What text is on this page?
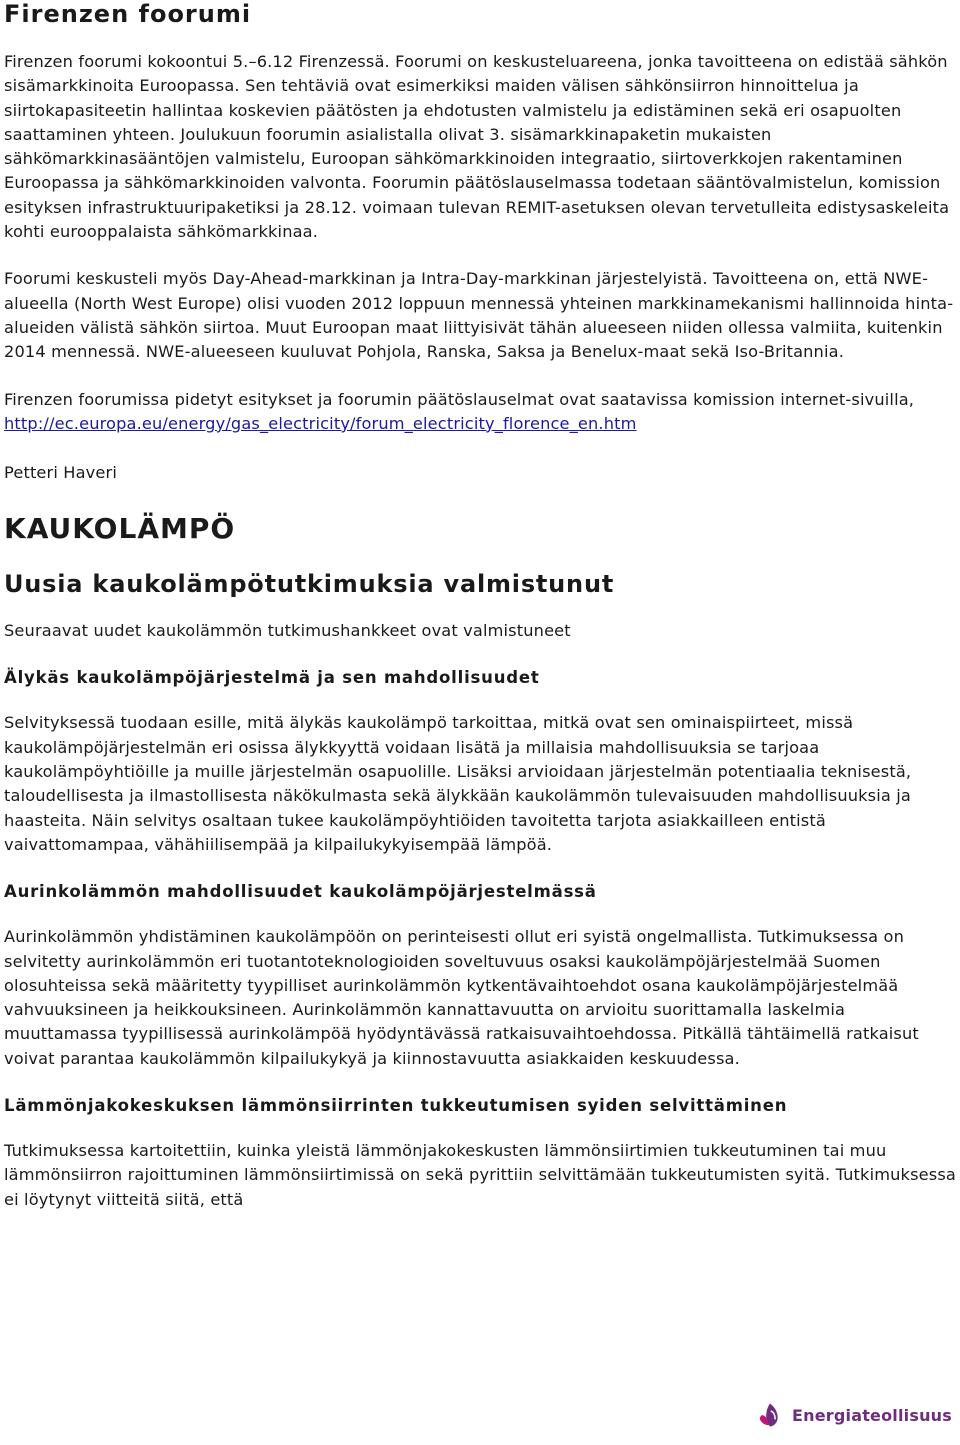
Firenzen foorumi

Firenzen foorumi kokoontui 5.–6.12 Firenzessä. Foorumi on keskusteluareena, jonka tavoitteena on edistää sähkön sisämarkkinoita Euroopassa. Sen tehtäviä ovat esimerkiksi maiden välisen sähkönsiirron hinnoittelua ja siirtokapasiteetin hallintaa koskevien päätösten ja ehdotusten valmistelu ja edistäminen sekä eri osapuolten saattaminen yhteen. Joulukuun foorumin asialistalla olivat 3. sisämarkkinapaketin mukaisten sähkömarkkinasääntöjen valmistelu, Euroopan sähkömarkkinoiden integraatio, siirtoverkkojen rakentaminen Euroopassa ja sähkömarkkinoiden valvonta. Foorumin päätöslauselmassa todetaan sääntövalmistelun, komission esityksen infrastruktuuripaketiksi ja 28.12. voimaan tulevan REMIT-asetuksen olevan tervetulleita edistysaskeleita kohti eurooppalaista sähkömarkkinaa.

Foorumi keskusteli myös Day-Ahead-markkinan ja Intra-Day-markkinan järjestelyistä. Tavoitteena on, että NWE-alueella (North West Europe) olisi vuoden 2012 loppuun mennessä yhteinen markkinamekanismi hallinnoida hinta-alueiden välistä sähkön siirtoa. Muut Euroopan maat liittyisivät tähän alueeseen niiden ollessa valmiita, kuitenkin 2014 mennessä. NWE-alueeseen kuuluvat Pohjola, Ranska, Saksa ja Benelux-maat sekä Iso-Britannia.

Firenzen foorumissa pidetyt esitykset ja foorumin päätöslauselmat ovat saatavissa komission internet-sivuilla, http://ec.europa.eu/energy/gas_electricity/forum_electricity_florence_en.htm

Petteri Haveri

KAUKOLÄMPÖ
Uusia kaukolämpötutkimuksia valmistunut

Seuraavat uudet kaukolämmön tutkimushankkeet ovat valmistuneet

Älykäs kaukolämpöjärjestelmä ja sen mahdollisuudet

Selvityksessä tuodaan esille, mitä älykäs kaukolämpö tarkoittaa, mitkä ovat sen ominaispiirteet, missä kaukolämpöjärjestelmän eri osissa älykkyyttä voidaan lisätä ja millaisia mahdollisuuksia se tarjoaa kaukolämpöyhtiöille ja muille järjestelmän osapuolille. Lisäksi arvioidaan järjestelmän potentiaalia teknisestä, taloudellisesta ja ilmastollisesta näkökulmasta sekä älykkään kaukolämmön tulevaisuuden mahdollisuuksia ja haasteita. Näin selvitys osaltaan tukee kaukolämpöyhtiöiden tavoitetta tarjota asiakkailleen entistä vaivattomampaa, vähähiilisempää ja kilpailukykyisempää lämpöä.

Aurinkolämmön mahdollisuudet kaukolämpöjärjestelmässä

Aurinkolämmön yhdistäminen kaukolämpöön on perinteisesti ollut eri syistä ongelmallista. Tutkimuksessa on selvitetty aurinkolämmön eri tuotantoteknologioiden soveltuvuus osaksi kaukolämpöjärjestelmää Suomen olosuhteissa sekä määritetty tyypilliset aurinkolämmön kytkentävaihtoehdot osana kaukolämpöjärjestelmää vahvuuksineen ja heikkouksineen. Aurinkolämmön kannattavuutta on arvioitu suorittamalla laskelmia muuttamassa tyypillisessä aurinkolämpöä hyödyntävässä ratkaisuvaihtoehdossa. Pitkällä tähtäimellä ratkaisut voivat parantaa kaukolämmön kilpailukykyä ja kiinnostavuutta asiakkaiden keskuudessa.

Lämmönjakokeskuksen lämmönsiirrinten tukkeutumisen syiden selvittäminen

Tutkimuksessa kartoitettiin, kuinka yleistä lämmönjakokeskusten lämmönsiirtimien tukkeutuminen tai muu lämmönsiirron rajoittuminen lämmönsiirtimissä on sekä pyrittiin selvittämään tukkeutumisten syitä. Tutkimuksessa ei löytynyt viitteitä siitä, että

Energiateollisuus
